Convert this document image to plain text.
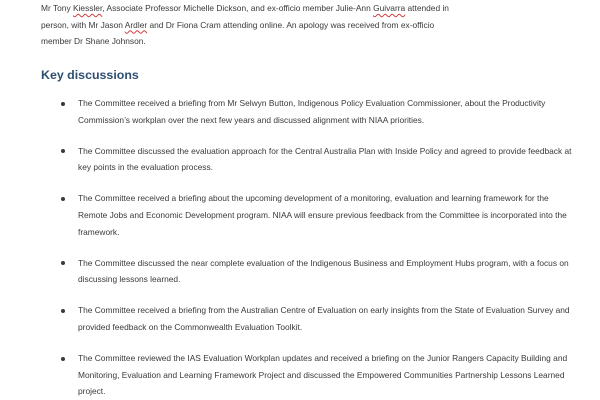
Mr Tony Kiessler, Associate Professor Michelle Dickson, and ex-officio member Julie-Ann Guivarra attended in

person, with Mr Jason Ardler and Dr Fiona Cram attending online. An apology was received from ex-officio

member Dr Shane Johnson.

Key discussions
The Committee received a briefing from Mr Selwyn Button, Indigenous Policy Evaluation Commissioner, about the Productivity Commission’s workplan over the next few years and discussed alignment with NIAA priorities.
The Committee discussed the evaluation approach for the Central Australia Plan with Inside Policy and agreed to provide feedback at key points in the evaluation process.
The Committee received a briefing about the upcoming development of a monitoring, evaluation and learning framework for the Remote Jobs and Economic Development program. NIAA will ensure previous feedback from the Committee is incorporated into the framework.
The Committee discussed the near complete evaluation of the Indigenous Business and Employment Hubs program, with a focus on discussing lessons learned.
The Committee received a briefing from the Australian Centre of Evaluation on early insights from the State of Evaluation Survey and provided feedback on the Commonwealth Evaluation Toolkit.
The Committee reviewed the IAS Evaluation Workplan updates and received a briefing on the Junior Rangers Capacity Building and Monitoring, Evaluation and Learning Framework Project and discussed the Empowered Communities Partnership Lessons Learned project.
